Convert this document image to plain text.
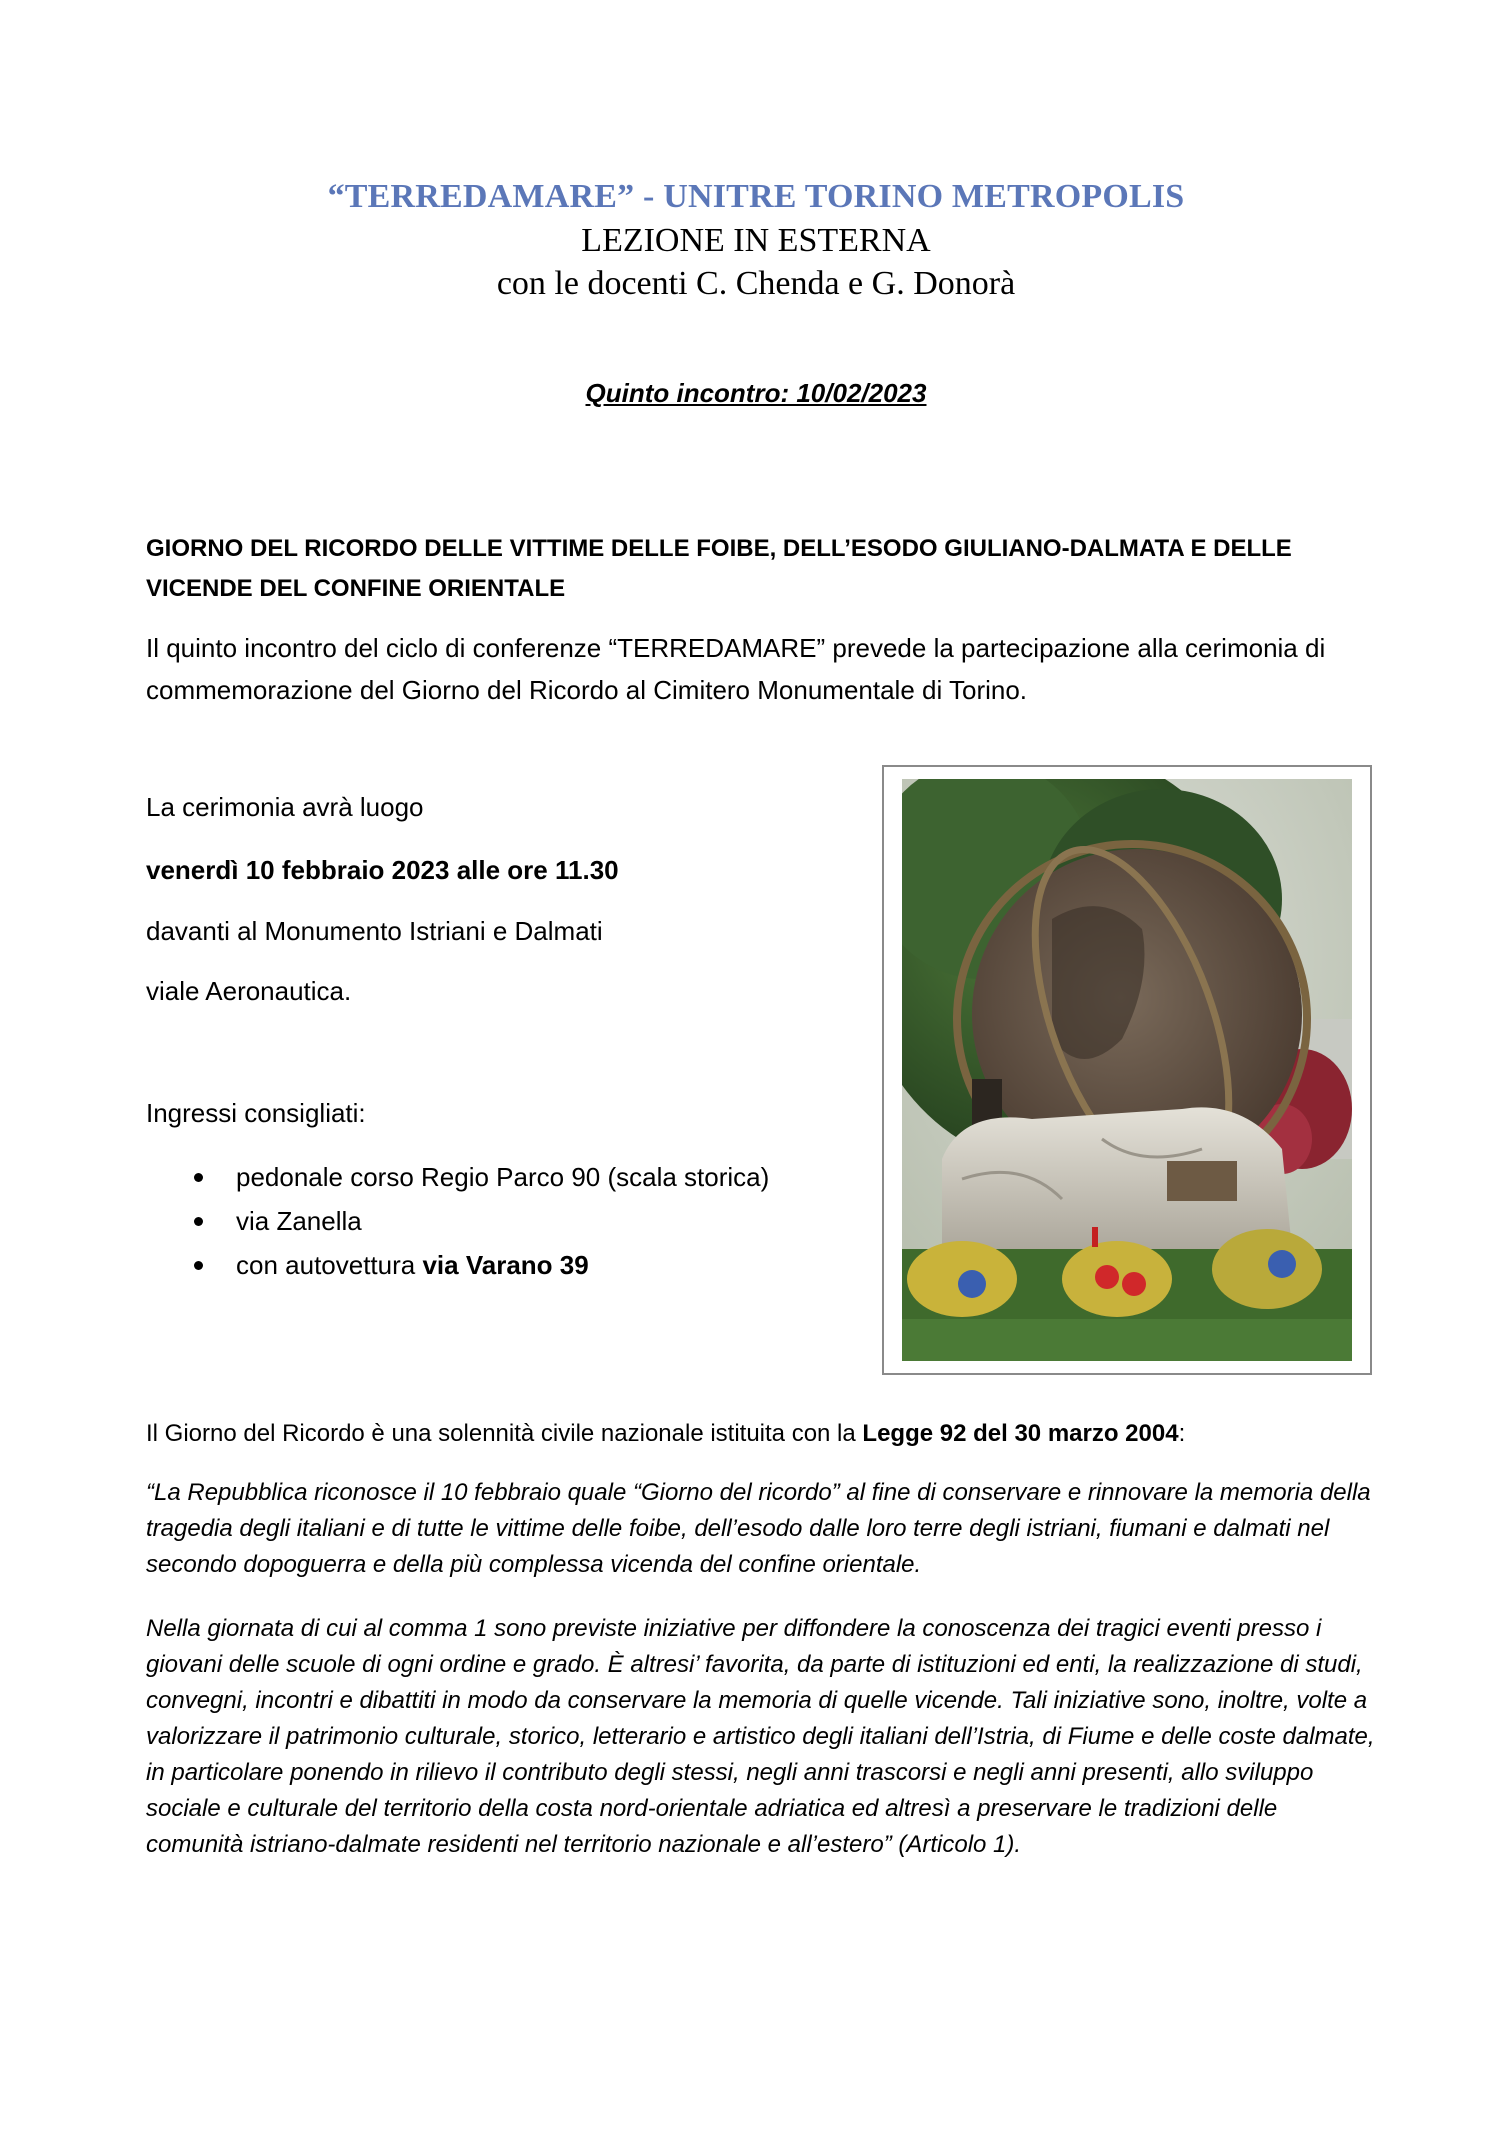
“TERREDAMARE” - UNITRE TORINO METROPOLIS
LEZIONE IN ESTERNA
con le docenti C. Chenda e G. Donorà
Quinto incontro: 10/02/2023
GIORNO DEL RICORDO DELLE VITTIME DELLE FOIBE, DELL’ESODO GIULIANO-DALMATA E DELLE VICENDE DEL CONFINE ORIENTALE
Il quinto incontro del ciclo di conferenze “TERREDAMARE” prevede la partecipazione alla cerimonia di commemorazione del Giorno del Ricordo al Cimitero Monumentale di Torino.
La cerimonia avrà luogo
venerdì 10 febbraio 2023 alle ore 11.30
davanti al Monumento Istriani e Dalmati
viale Aeronautica.
Ingressi consigliati:
pedonale corso Regio Parco 90 (scala storica)
via Zanella
con autovettura via Varano 39
Il Giorno del Ricordo è una solennità civile nazionale istituita con la Legge 92 del 30 marzo 2004:
“La Repubblica riconosce il 10 febbraio quale “Giorno del ricordo” al fine di conservare e rinnovare la memoria della tragedia degli italiani e di tutte le vittime delle foibe, dell’esodo dalle loro terre degli istriani, fiumani e dalmati nel secondo dopoguerra e della più complessa vicenda del confine orientale.
Nella giornata di cui al comma 1 sono previste iniziative per diffondere la conoscenza dei tragici eventi presso i giovani delle scuole di ogni ordine e grado. È altresi’ favorita, da parte di istituzioni ed enti, la realizzazione di studi, convegni, incontri e dibattiti in modo da conservare la memoria di quelle vicende. Tali iniziative sono, inoltre, volte a valorizzare il patrimonio culturale, storico, letterario e artistico degli italiani dell’Istria, di Fiume e delle coste dalmate, in particolare ponendo in rilievo il contributo degli stessi, negli anni trascorsi e negli anni presenti, allo sviluppo sociale e culturale del territorio della costa nord-orientale adriatica ed altresì a preservare le tradizioni delle comunità istriano-dalmate residenti nel territorio nazionale e all’estero” (Articolo 1).
